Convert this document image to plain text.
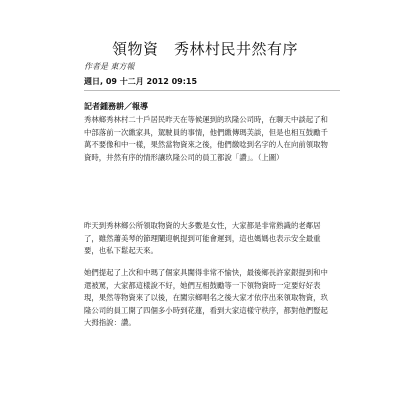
領物資　秀林村民井然有序
作者是 東方報
週日, 09 十二月 2012 09:15
記者鍾務耕／報導

秀林鄉秀林村二十戶居民昨天在等候運到的玖隆公司時，在聊天中談起了和中部落前一次繳家具，駕駛員的事情，他們繳傳瑪芙談，但是也相互鼓勵千萬不要像和中一樣，果然當物資來之後，他們繳唸到名字的人在向前領取物資時，井然有序的情形讓玖隆公司的員工都說「讚」。（上圖）

昨天到秀林鄉公所領取物資的大多數是女性，大家都是非常熟識的老鄰居了，雖然蕭美琴的節理闡迎帆提到可能會遲到，這也媽媽也表示安全最重要，也私下鬆起天來。

她們提起了上次和中瑪了個家具闖得非常不愉快，最後鄉長許家銀提到和中還被罵，大家都這樣說不好，她們互相鼓勵等一下領物資時一定要好好表現，果然等物資來了以後，在闖宗鄉唱名之後大家才依序出來領取物資，玖隆公司的員工開了四個多小時到花蓮，看到大家這樣守秩序，都對他們豎起大拇指說：讚。
